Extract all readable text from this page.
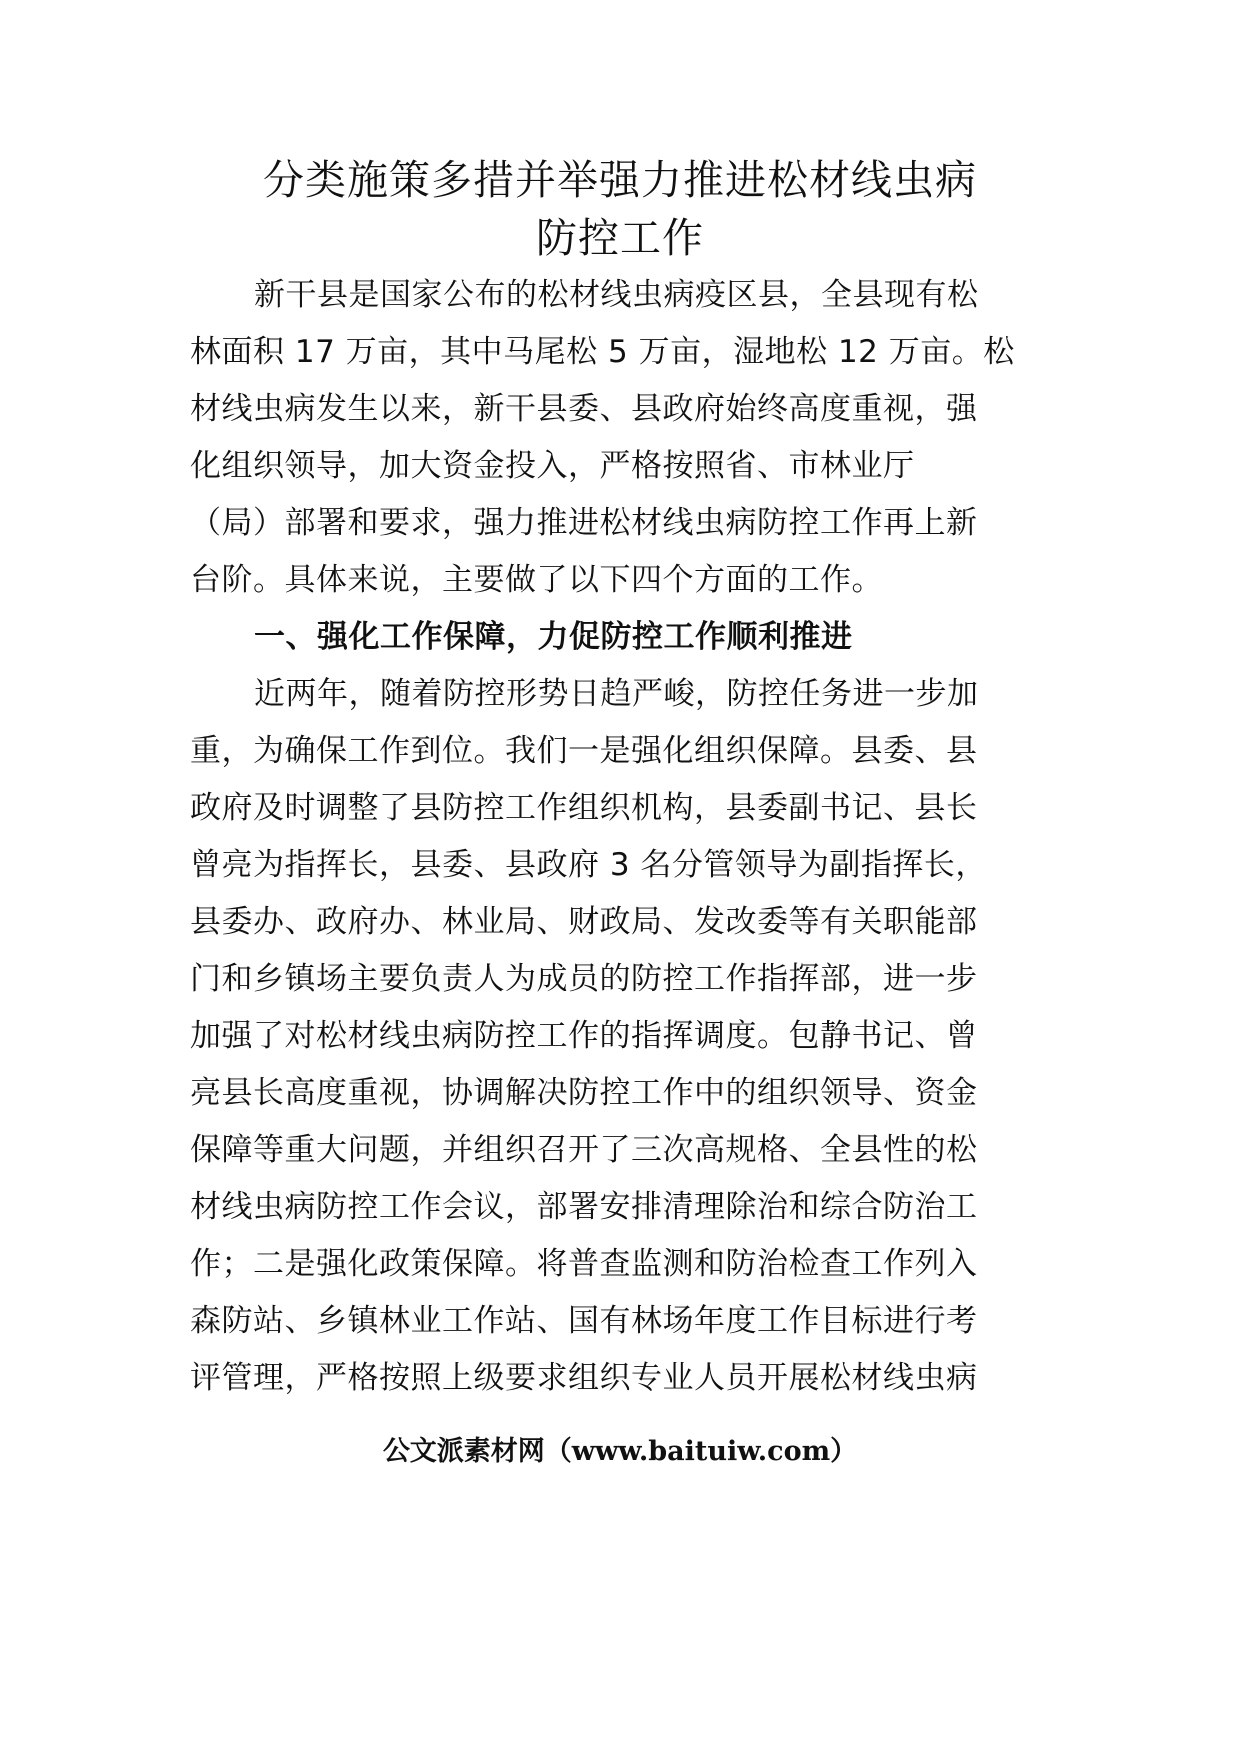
分类施策多措并举强力推进松材线虫病
防控工作
新干县是国家公布的松材线虫病疫区县，全县现有松
林面积 17 万亩，其中马尾松 5 万亩，湿地松 12 万亩。松
材线虫病发生以来，新干县委、县政府始终高度重视，强
化组织领导，加大资金投入，严格按照省、市林业厅
（局）部署和要求，强力推进松材线虫病防控工作再上新
台阶。具体来说，主要做了以下四个方面的工作。
一、强化工作保障，力促防控工作顺利推进
近两年，随着防控形势日趋严峻，防控任务进一步加
重，为确保工作到位。我们一是强化组织保障。县委、县
政府及时调整了县防控工作组织机构，县委副书记、县长
曾亮为指挥长，县委、县政府 3 名分管领导为副指挥长，
县委办、政府办、林业局、财政局、发改委等有关职能部
门和乡镇场主要负责人为成员的防控工作指挥部，进一步
加强了对松材线虫病防控工作的指挥调度。包静书记、曾
亮县长高度重视，协调解决防控工作中的组织领导、资金
保障等重大问题，并组织召开了三次高规格、全县性的松
材线虫病防控工作会议，部署安排清理除治和综合防治工
作；二是强化政策保障。将普查监测和防治检查工作列入
森防站、乡镇林业工作站、国有林场年度工作目标进行考
评管理，严格按照上级要求组织专业人员开展松材线虫病
公文派素材网（www.baituiw.com）
